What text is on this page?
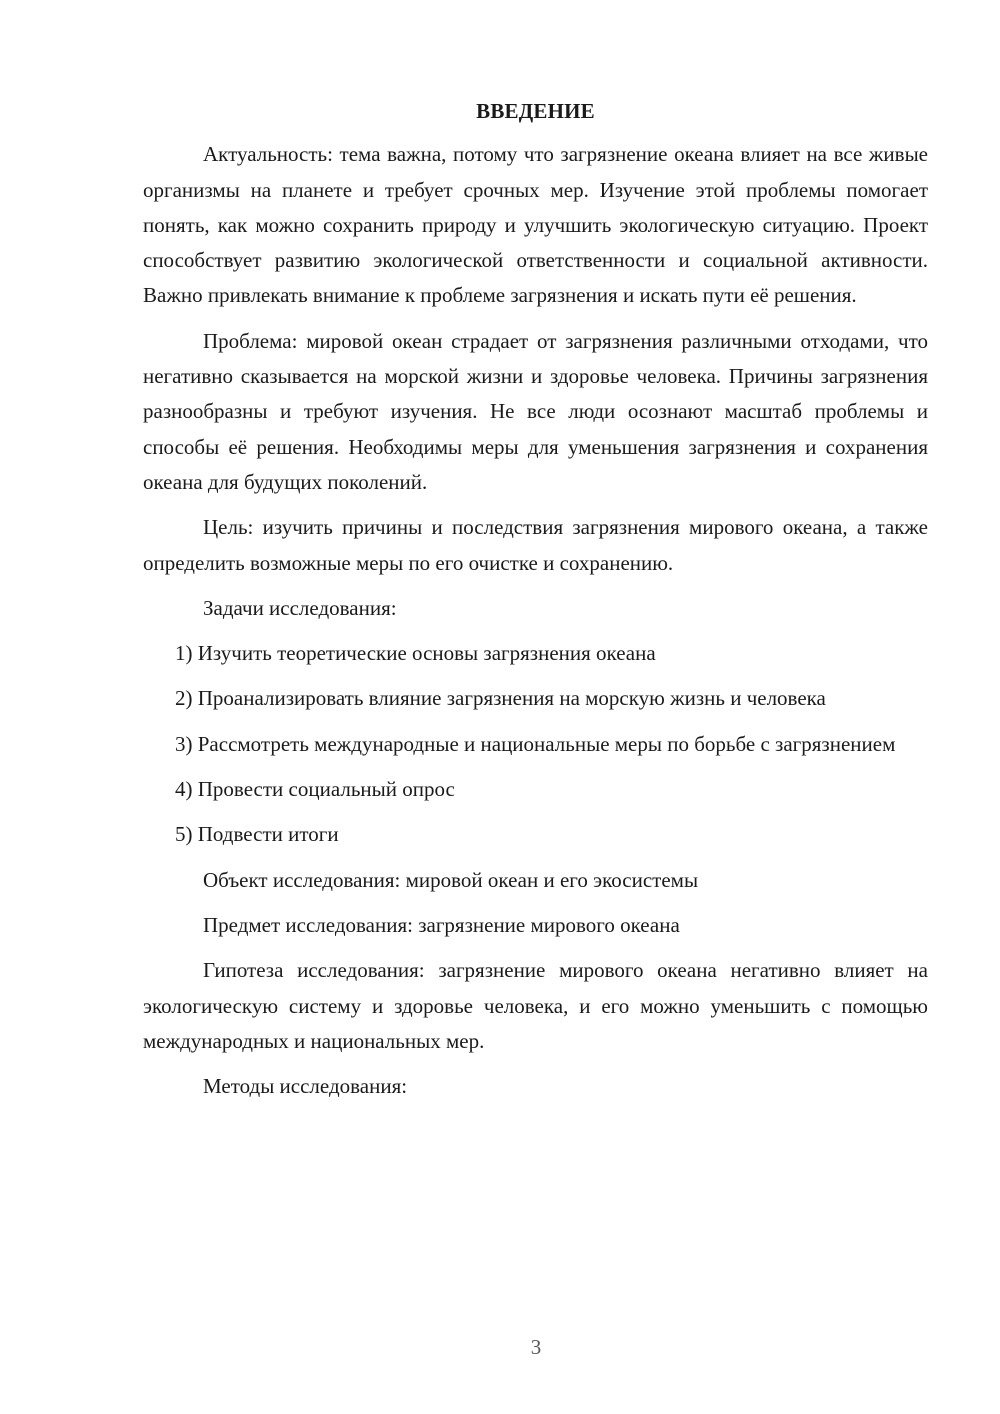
ВВЕДЕНИЕ

Актуальность: тема важна, потому что загрязнение океана влияет на все живые организмы на планете и требует срочных мер. Изучение этой проблемы помогает понять, как можно сохранить природу и улучшить экологическую ситуацию. Проект способствует развитию экологической ответственности и социальной активности. Важно привлекать внимание к проблеме загрязнения и искать пути её решения.

Проблема: мировой океан страдает от загрязнения различными отходами, что негативно сказывается на морской жизни и здоровье человека. Причины загрязнения разнообразны и требуют изучения. Не все люди осознают масштаб проблемы и способы её решения. Необходимы меры для уменьшения загрязнения и сохранения океана для будущих поколений.

Цель: изучить причины и последствия загрязнения мирового океана, а также определить возможные меры по его очистке и сохранению.

Задачи исследования:

1) Изучить теоретические основы загрязнения океана

2) Проанализировать влияние загрязнения на морскую жизнь и человека

3) Рассмотреть международные и национальные меры по борьбе с загрязнением

4) Провести социальный опрос

5) Подвести итоги

Объект исследования: мировой океан и его экосистемы

Предмет исследования: загрязнение мирового океана

Гипотеза исследования: загрязнение мирового океана негативно влияет на экологическую систему и здоровье человека, и его можно уменьшить с помощью международных и национальных мер.

Методы исследования:

3
